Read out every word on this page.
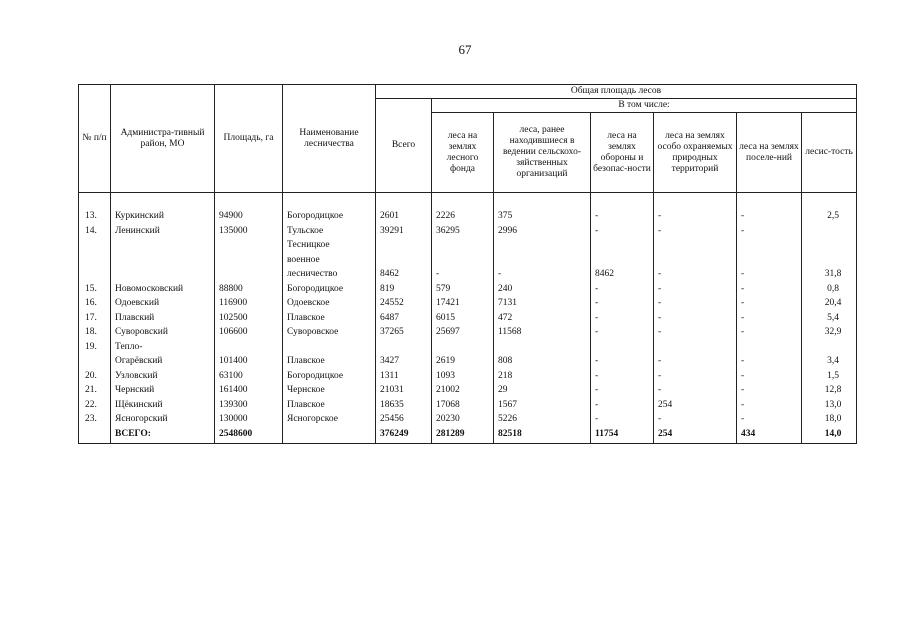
67
№ п/п	Администра-тивный район, МО	Площадь, га	Наименование лесничества	Общая площадь лесов						
				Всего	В том числе:					
					леса на землях лесного фонда	леса, ранее находившиеся в ведении сельскохо-зяйственных организаций	леса на землях обороны и безопас-ности	леса на землях особо охраняемых природных территорий	леса на землях поселе-ний	лесис-тость

13.	Куркинский	94900	Богородицкое	2601	2226	375	-	-	-	2,5
14.	Ленинский	135000	Тульское	39291	36295	2996	-	-	-	
			Тесницкое							
			военное							
			лесничество	8462	-	-	8462	-	-	31,8
15.	Новомосковский	88800	Богородицкое	819	579	240	-	-	-	0,8
16.	Одоевский	116900	Одоевское	24552	17421	7131	-	-	-	20,4
17.	Плавский	102500	Плавское	6487	6015	472	-	-	-	5,4
18.	Суворовский	106600	Суворовское	37265	25697	11568	-	-	-	32,9
19.	Тепло-									
	Огарёвский	101400	Плавское	3427	2619	808	-	-	-	3,4
20.	Узловский	63100	Богородицкое	1311	1093	218	-	-	-	1,5
21.	Чернский	161400	Чернское	21031	21002	29	-	-	-	12,8
22.	Щёкинский	139300	Плавское	18635	17068	1567	-	254	-	13,0
23.	Ясногорский	130000	Ясногорское	25456	20230	5226	-	-	-	18,0
	ВСЕГО:	2548600		376249	281289	82518	11754	254	434	14,0
